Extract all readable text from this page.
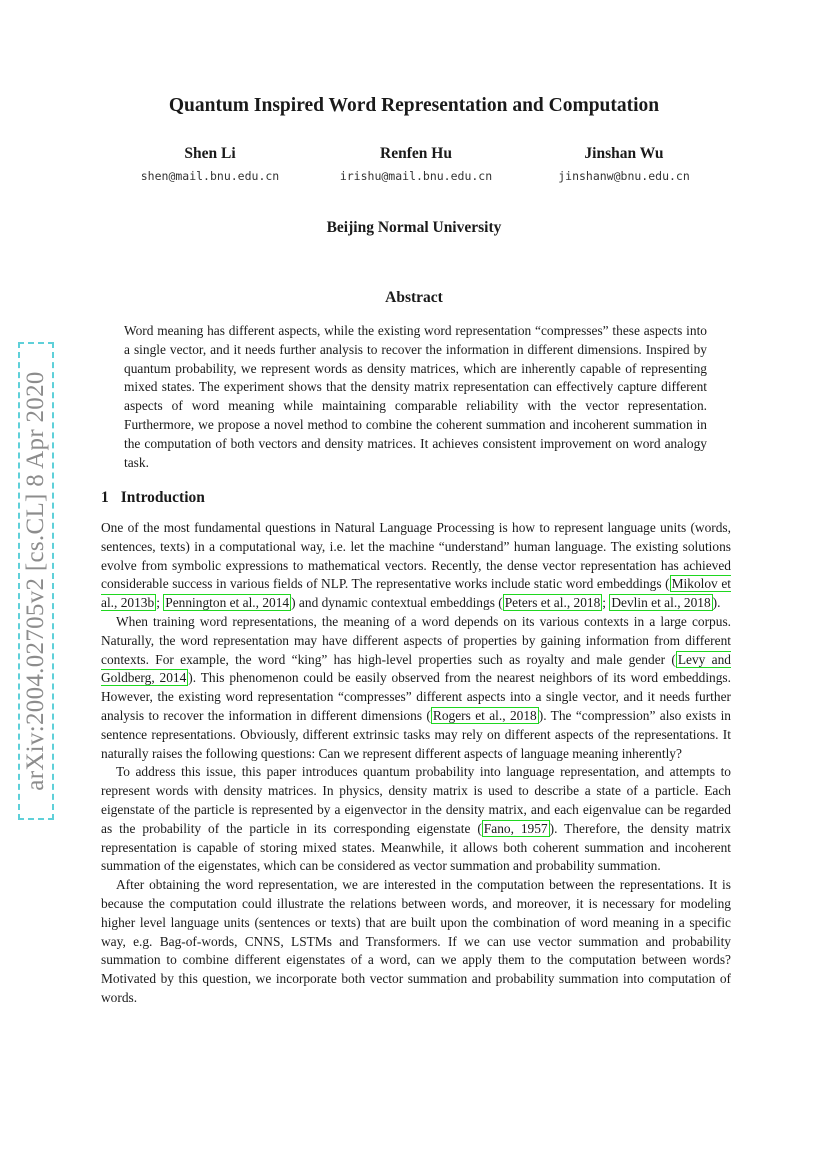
arXiv:2004.02705v2 [cs.CL] 8 Apr 2020
Quantum Inspired Word Representation and Computation
Shen Li
shen@mail.bnu.edu.cn
Renfen Hu
irishu@mail.bnu.edu.cn
Jinshan Wu
jinshanw@bnu.edu.cn
Beijing Normal University
Abstract
Word meaning has different aspects, while the existing word representation “compresses” these aspects into a single vector, and it needs further analysis to recover the information in different dimensions. Inspired by quantum probability, we represent words as density matrices, which are inherently capable of representing mixed states. The experiment shows that the density matrix representation can effectively capture different aspects of word meaning while maintaining comparable reliability with the vector representation. Furthermore, we propose a novel method to combine the coherent summation and incoherent summation in the computation of both vectors and density matrices. It achieves consistent improvement on word analogy task.
1 Introduction

One of the most fundamental questions in Natural Language Processing is how to represent language units (words, sentences, texts) in a computational way, i.e. let the machine “understand” human language. The existing solutions evolve from symbolic expressions to mathematical vectors. Recently, the dense vector representation has achieved considerable success in various fields of NLP. The representative works include static word embeddings ( Mikolov et al., 2013b ; Pennington et al., 2014 ) and dynamic contextual embeddings ( Peters et al., 2018 ; Devlin et al., 2018 ).

When training word representations, the meaning of a word depends on its various contexts in a large corpus. Naturally, the word representation may have different aspects of properties by gaining information from different contexts. For example, the word “king” has high-level properties such as royalty and male gender ( Levy and Goldberg, 2014 ). This phenomenon could be easily observed from the nearest neighbors of its word embeddings. However, the existing word representation “compresses” different aspects into a single vector, and it needs further analysis to recover the information in different dimensions ( Rogers et al., 2018 ). The “compression” also exists in sentence representations. Obviously, different extrinsic tasks may rely on different aspects of the representations. It naturally raises the following questions: Can we represent different aspects of language meaning inherently?

To address this issue, this paper introduces quantum probability into language representation, and attempts to represent words with density matrices. In physics, density matrix is used to describe a state of a particle. Each eigenstate of the particle is represented by a eigenvector in the density matrix, and each eigenvalue can be regarded as the probability of the particle in its corresponding eigenstate ( Fano, 1957 ). Therefore, the density matrix representation is capable of storing mixed states. Meanwhile, it allows both coherent summation and incoherent summation of the eigenstates, which can be considered as vector summation and probability summation.

After obtaining the word representation, we are interested in the computation between the representations. It is because the computation could illustrate the relations between words, and moreover, it is necessary for modeling higher level language units (sentences or texts) that are built upon the combination of word meaning in a specific way, e.g. Bag-of-words, CNNS, LSTMs and Transformers. If we can use vector summation and probability summation to combine different eigenstates of a word, can we apply them to the computation between words? Motivated by this question, we incorporate both vector summation and probability summation into computation of words.
